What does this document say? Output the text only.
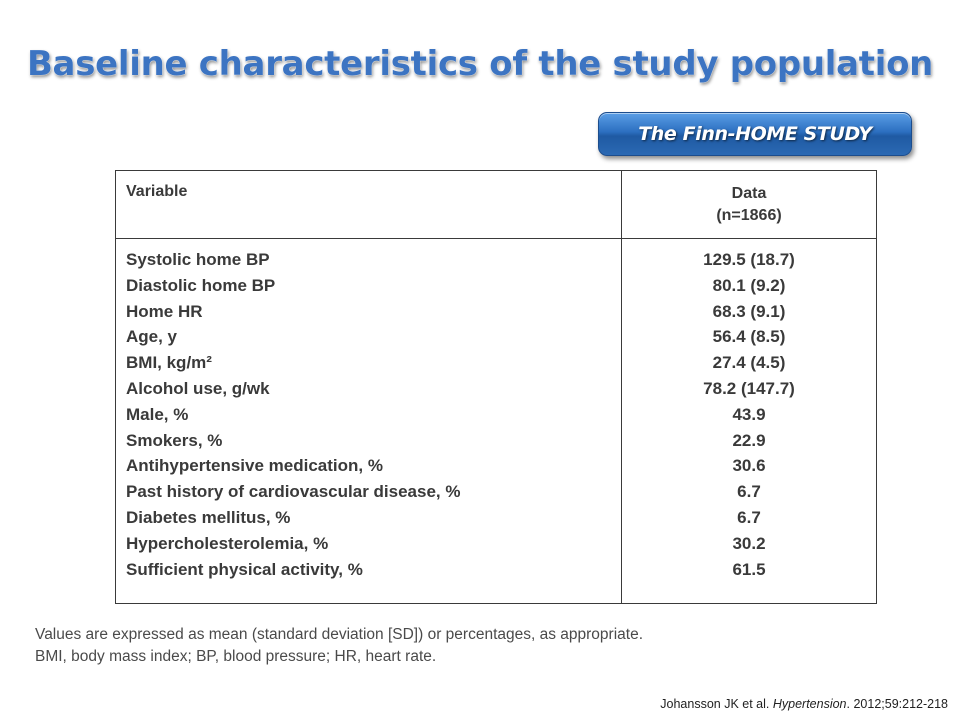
Baseline characteristics of the study population
The Finn-HOME STUDY
Variable	Data
(n=1866)
Systolic home BP
Diastolic home BP
Home HR
Age, y
BMI, kg/m²
Alcohol use, g/wk
Male, %
Smokers, %
Antihypertensive medication, %
Past history of cardiovascular disease, %
Diabetes mellitus, %
Hypercholesterolemia, %
Sufficient physical activity, %
129.5 (18.7)
80.1 (9.2)
68.3 (9.1)
56.4 (8.5)
27.4 (4.5)
78.2 (147.7)
43.9
22.9
30.6
6.7
6.7
30.2
61.5
Values are expressed as mean (standard deviation [SD]) or percentages, as appropriate.
BMI, body mass index; BP, blood pressure; HR, heart rate.
Johansson JK et al. Hypertension. 2012;59:212-218
